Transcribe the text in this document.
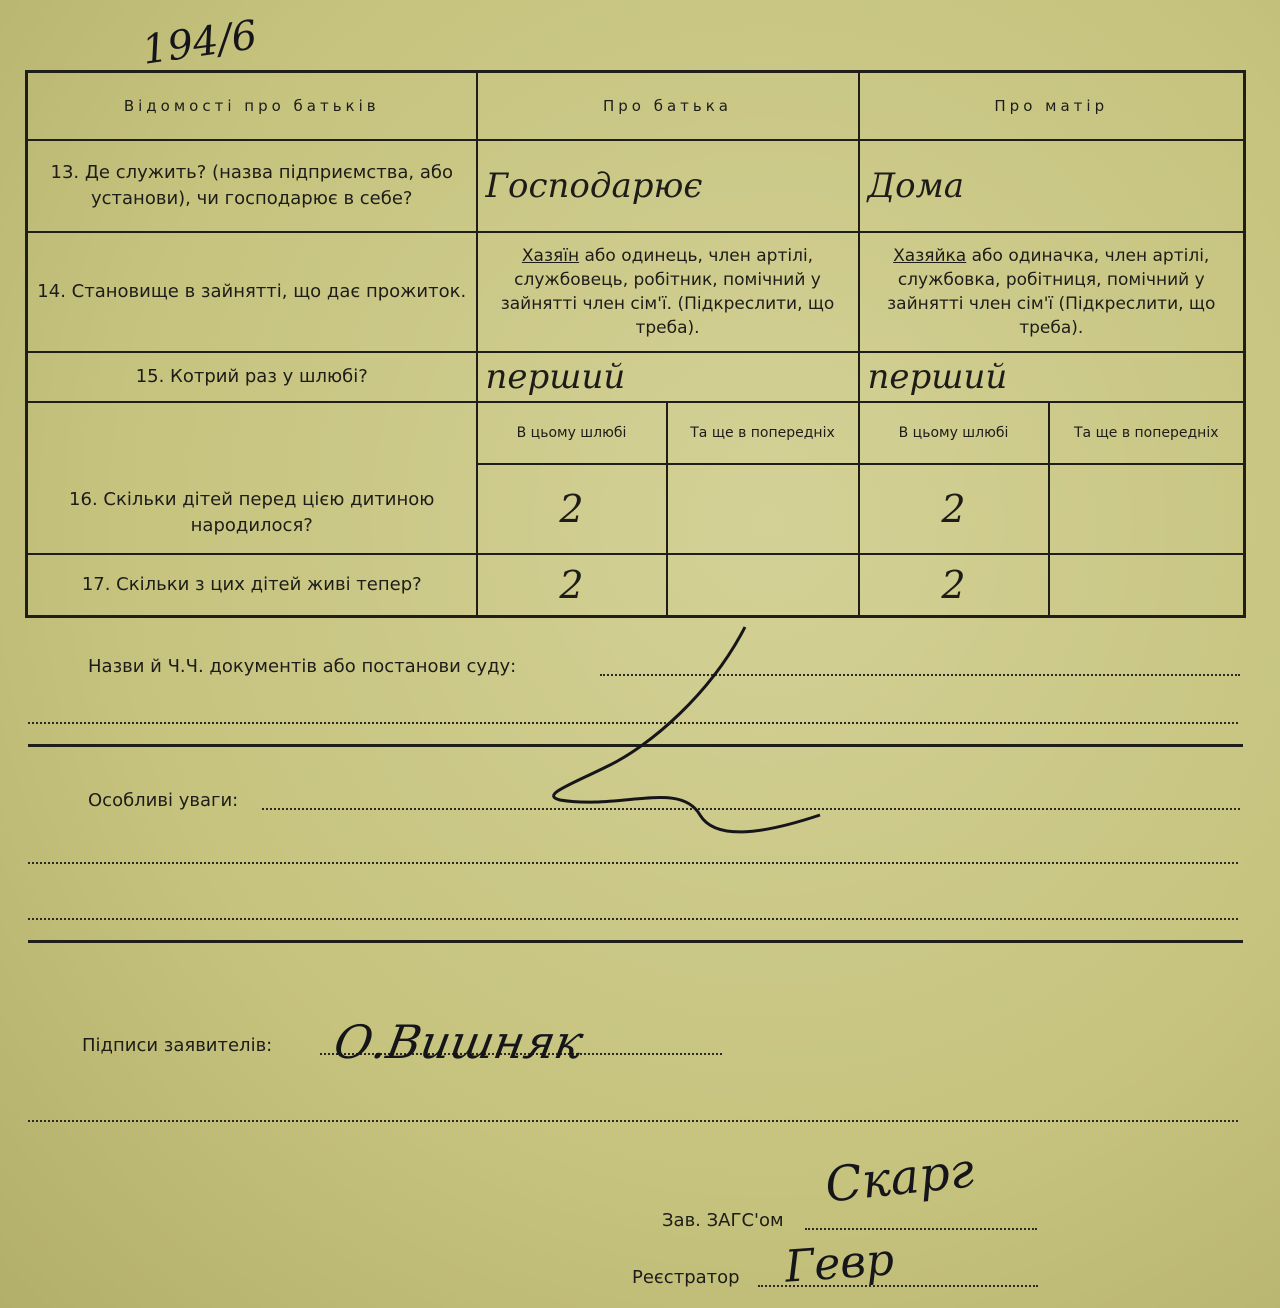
194/6
Відомості про батьків	Про батька		Про матір	
13. Де служить? (назва підприємства, або установи), чи господарює в себе?	Господарює		Дома	
14. Становище в зайнятті, що дає прожиток.	Хазяїн або одинець, член артілі, службовець, робітник, помічний у зайнятті член сім'ї. (Підкреслити, що треба).		Хазяйка або одиначка, член артілі, службовка, робітниця, помічний у зайнятті член сім'ї (Підкреслити, що треба).	
15. Котрий раз у шлюбі?	перший		перший	
16. Скільки дітей перед цією дитиною народилося?	В цьому шлюбі	Та ще в попередніх	В цьому шлюбі	Та ще в попередніх
	2		2	
17. Скільки з цих дітей живі тепер?	2		2	
Назви й Ч.Ч. документів або постанови суду:
Особливі уваги:
Підписи заявителів: О.Вишняк
Зав. ЗАГС'ом
Скарг
Реєстратор Гевр
